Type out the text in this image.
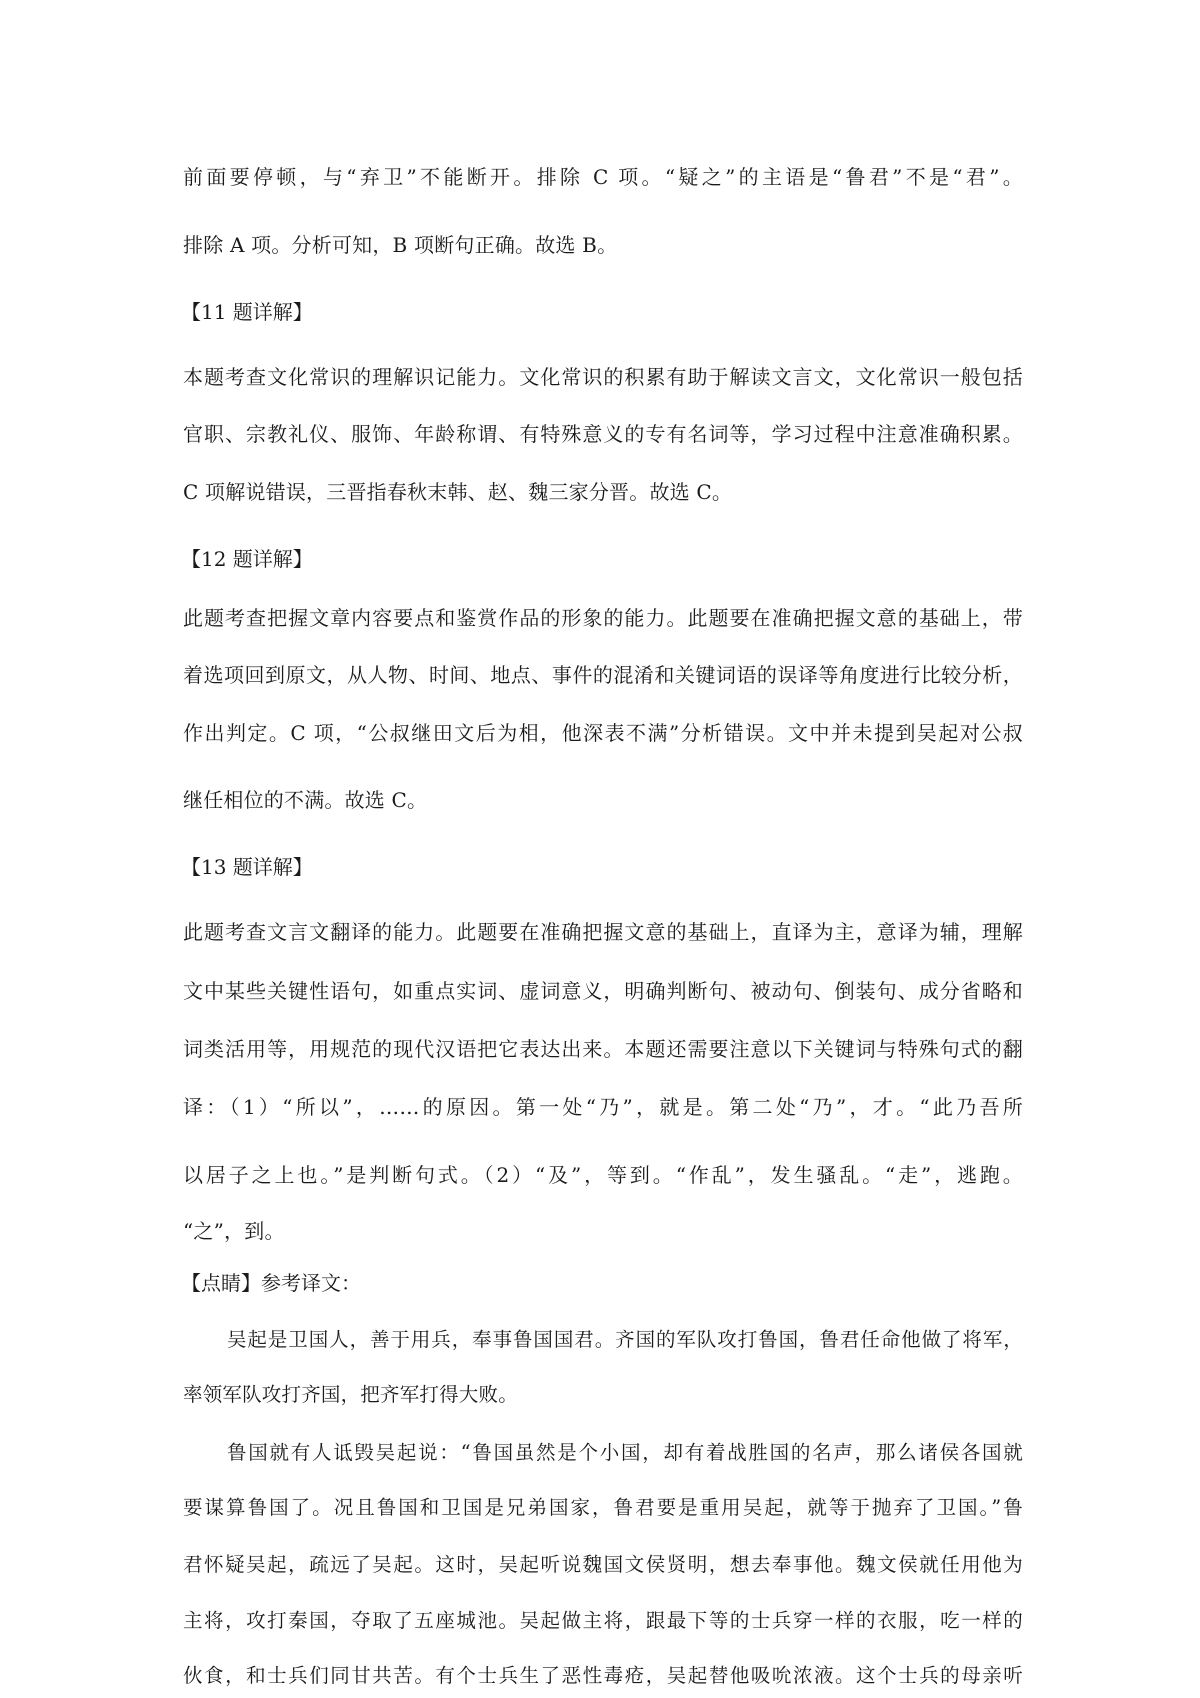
前面要停顿，与“弃卫”不能断开。排除 C 项。“疑之”的主语是“鲁君”不是“君”。
排除 A 项。分析可知，B 项断句正确。故选 B。
【11 题详解】
本题考查文化常识的理解识记能力。文化常识的积累有助于解读文言文，文化常识一般包括
官职、宗教礼仪、服饰、年龄称谓、有特殊意义的专有名词等，学习过程中注意准确积累。
C 项解说错误，三晋指春秋末韩、赵、魏三家分晋。故选 C。
【12 题详解】
此题考查把握文章内容要点和鉴赏作品的形象的能力。此题要在准确把握文意的基础上，带
着选项回到原文，从人物、时间、地点、事件的混淆和关键词语的误译等角度进行比较分析，
作出判定。C 项，“公叔继田文后为相，他深表不满”分析错误。文中并未提到吴起对公叔
继任相位的不满。故选 C。
【13 题详解】
此题考查文言文翻译的能力。此题要在准确把握文意的基础上，直译为主，意译为辅，理解
文中某些关键性语句，如重点实词、虚词意义，明确判断句、被动句、倒装句、成分省略和
词类活用等，用规范的现代汉语把它表达出来。本题还需要注意以下关键词与特殊句式的翻
译：（1）“所以”，……的原因。第一处“乃”，就是。第二处“乃”，才。“此乃吾所
以居子之上也。”是判断句式。（2）“及”，等到。“作乱”，发生骚乱。“走”，逃跑。
“之”，到。
【点睛】参考译文：
吴起是卫国人，善于用兵，奉事鲁国国君。齐国的军队攻打鲁国，鲁君任命他做了将军，
率领军队攻打齐国，把齐军打得大败。
鲁国就有人诋毁吴起说：“鲁国虽然是个小国，却有着战胜国的名声，那么诸侯各国就
要谋算鲁国了。况且鲁国和卫国是兄弟国家，鲁君要是重用吴起，就等于抛弃了卫国。”鲁
君怀疑吴起，疏远了吴起。这时，吴起听说魏国文侯贤明，想去奉事他。魏文侯就任用他为
主将，攻打秦国，夺取了五座城池。吴起做主将，跟最下等的士兵穿一样的衣服，吃一样的
伙食，和士兵们同甘共苦。有个士兵生了恶性毒疮，吴起替他吸吮浓液。这个士兵的母亲听
